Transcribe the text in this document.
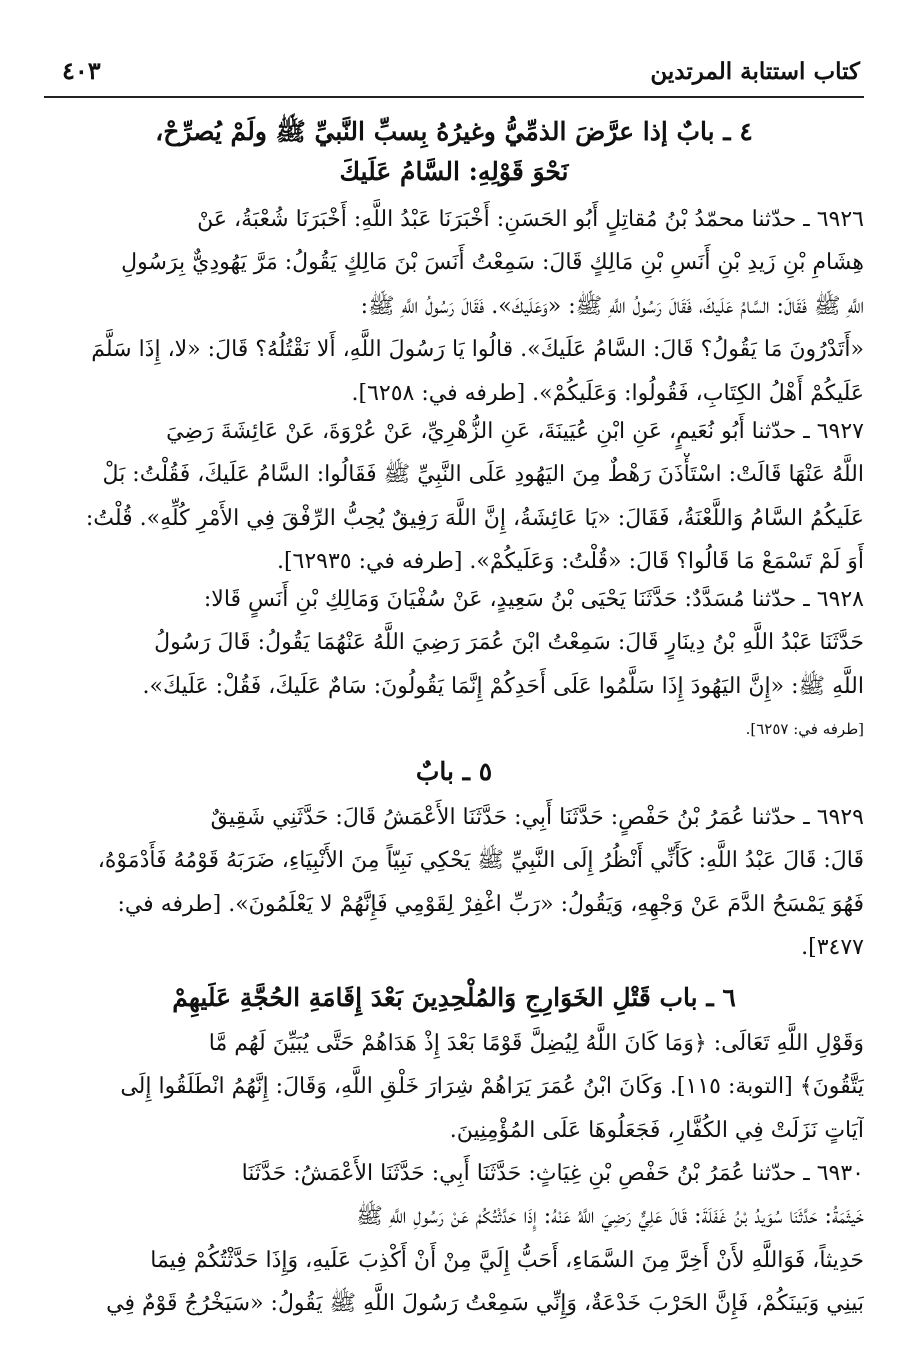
كتاب استتابة المرتدين
٤٠٣
٤ ـ بابٌ إذا عرَّضَ الذمِّيُّ وغيرُهُ بِسبِّ النَّبيِّ ﷺ ولَمْ يُصرِّحْ،
نَحْوَ قَوْلِهِ: السَّامُ عَلَيكَ
٦٩٢٦ ـ حدّثنا محمّدُ بْنُ مُقاتِلٍ أَبُو الحَسَنِ: أَخْبَرَنَا عَبْدُ اللَّهِ: أَخْبَرَنَا شُعْبَةُ، عَنْ
هِشَامِ بْنِ زَيدِ بْنِ أَنَسِ بْنِ مَالِكٍ قَالَ: سَمِعْتُ أَنَسَ بْنَ مَالِكٍ يَقُولُ: مَرَّ يَهُودِيٌّ بِرَسُولِ
اللَّهِ ﷺ فَقَالَ: السَّامُ عَلَيكَ، فَقَالَ رَسُولُ اللَّهِ ﷺ: «وَعَلَيكَ». فَقَالَ رَسُولُ اللَّهِ ﷺ:
«أَتَدْرُونَ مَا يَقُولُ؟ قَالَ: السَّامُ عَلَيكَ». قالُوا يَا رَسُولَ اللَّهِ، أَلا نَقْتُلُهُ؟ قَالَ: «لا، إِذَا سَلَّمَ
عَلَيكُمْ أَهْلُ الكِتَابِ، فَقُولُوا: وَعَلَيكُمْ». [طرفه في: ٦٢٥٨].
٦٩٢٧ ـ حدّثنا أَبُو نُعَيمٍ، عَنِ ابْنِ عُيَينَةَ، عَنِ الزُّهْرِيِّ، عَنْ عُرْوَةَ، عَنْ عَائِشَةَ رَضِيَ
اللَّهُ عَنْهَا قَالَتْ: اسْتَأْذَنَ رَهْطٌ مِنَ اليَهُودِ عَلَى النَّبِيِّ ﷺ فَقَالُوا: السَّامُ عَلَيكَ، فَقُلْتُ: بَلْ
عَلَيكُمُ السَّامُ وَاللَّعْنَةُ، فَقَالَ: «يَا عَائِشَةُ، إِنَّ اللَّهَ رَفِيقٌ يُحِبُّ الرِّفْقَ فِي الأَمْرِ كُلِّهِ». قُلْتُ:
أَوَ لَمْ تَسْمَعْ مَا قَالُوا؟ قَالَ: «قُلْتُ: وَعَلَيكُمْ». [طرفه في: ٦٢٩٣٥].
٦٩٢٨ ـ حدّثنا مُسَدَّدٌ: حَدَّثَنَا يَحْيَى بْنُ سَعِيدٍ، عَنْ سُفْيَانَ وَمَالِكِ بْنِ أَنَسٍ قَالا:
حَدَّثَنَا عَبْدُ اللَّهِ بْنُ دِينَارٍ قَالَ: سَمِعْتُ ابْنَ عُمَرَ رَضِيَ اللَّهُ عَنْهُمَا يَقُولُ: قَالَ رَسُولُ
اللَّهِ ﷺ: «إِنَّ اليَهُودَ إِذَا سَلَّمُوا عَلَى أَحَدِكُمْ إِنَّمَا يَقُولُونَ: سَامٌ عَلَيكَ، فَقُلْ: عَلَيكَ».
[طرفه في: ٦٢٥٧].
٥ ـ بابٌ
٦٩٢٩ ـ حدّثنا عُمَرُ بْنُ حَفْصٍ: حَدَّثَنَا أَبِي: حَدَّثَنَا الأَعْمَشُ قَالَ: حَدَّثَنِي شَقِيقٌ
قَالَ: قَالَ عَبْدُ اللَّهِ: كَأَنِّي أَنْظُرُ إِلَى النَّبِيِّ ﷺ يَحْكِي نَبِيّاً مِنَ الأَنْبِيَاءِ، ضَرَبَهُ قَوْمُهُ فَأَدْمَوْهُ،
فَهُوَ يَمْسَحُ الدَّمَ عَنْ وَجْهِهِ، وَيَقُولُ: «رَبِّ اغْفِرْ لِقَوْمِي فَإِنَّهُمْ لا يَعْلَمُونَ». [طرفه في:
٣٤٧٧].
٦ ـ باب قَتْلِ الخَوَارِجِ وَالمُلْحِدِينَ بَعْدَ إِقَامَةِ الحُجَّةِ عَلَيهِمْ
وَقَوْلِ اللَّهِ تَعَالَى: ﴿وَمَا كَانَ اللَّهُ لِيُضِلَّ قَوْمًا بَعْدَ إِذْ هَدَاهُمْ حَتَّى يُبَيِّنَ لَهُم مَّا
يَتَّقُونَ﴾ [التوبة: ١١٥]. وَكَانَ ابْنُ عُمَرَ يَرَاهُمْ شِرَارَ خَلْقِ اللَّهِ، وَقَالَ: إِنَّهُمُ انْطَلَقُوا إِلَى
آيَاتٍ نَزَلَتْ فِي الكُفَّارِ، فَجَعَلُوهَا عَلَى المُؤْمِنِينَ.
٦٩٣٠ ـ حدّثنا عُمَرُ بْنُ حَفْصِ بْنِ غِيَاثٍ: حَدَّثَنَا أَبِي: حَدَّثَنَا الأَعْمَشُ: حَدَّثَنَا
خَيثَمَةُ: حَدَّثَنَا سُوَيدُ بْنُ غَفَلَةَ: قَالَ عَلِيٌّ رَضِيَ اللَّهُ عَنْهُ: إِذَا حَدَّثْتُكُمْ عَنْ رَسُولِ اللَّهِ ﷺ
حَدِيثاً، فَوَاللَّهِ لأَنْ أَخِرَّ مِنَ السَّمَاءِ، أَحَبُّ إِلَيَّ مِنْ أَنْ أَكْذِبَ عَلَيهِ، وَإِذَا حَدَّثْتُكُمْ فِيمَا
بَينِي وَبَينَكُمْ، فَإِنَّ الحَرْبَ خَدْعَةٌ، وَإِنِّي سَمِعْتُ رَسُولَ اللَّهِ ﷺ يَقُولُ: «سَيَخْرُجُ قَوْمٌ فِي
